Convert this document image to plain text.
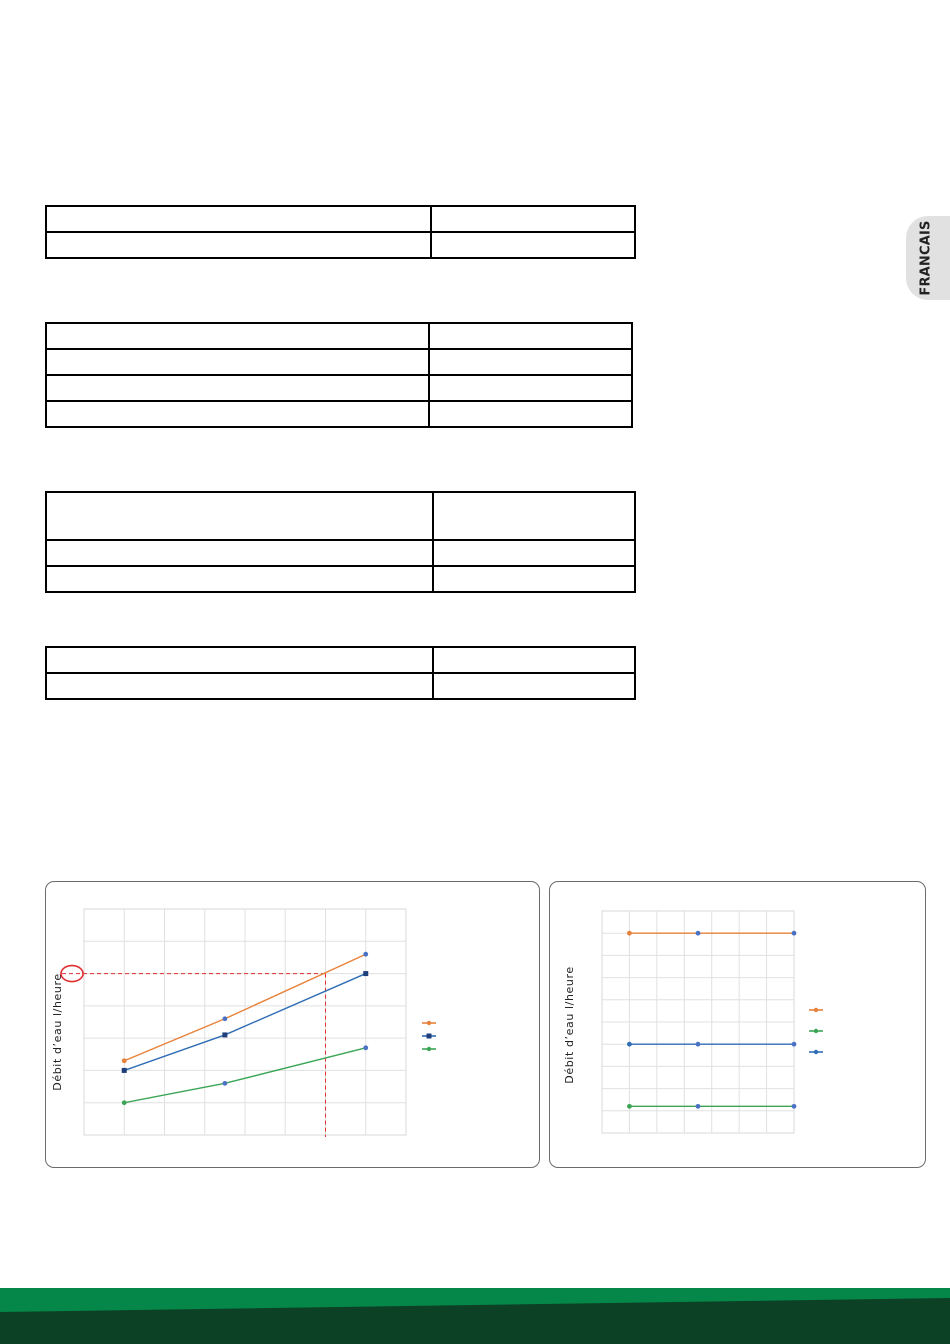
FRANCAIS
Débit d’eau l/heure	Débit d’eau l/heure
